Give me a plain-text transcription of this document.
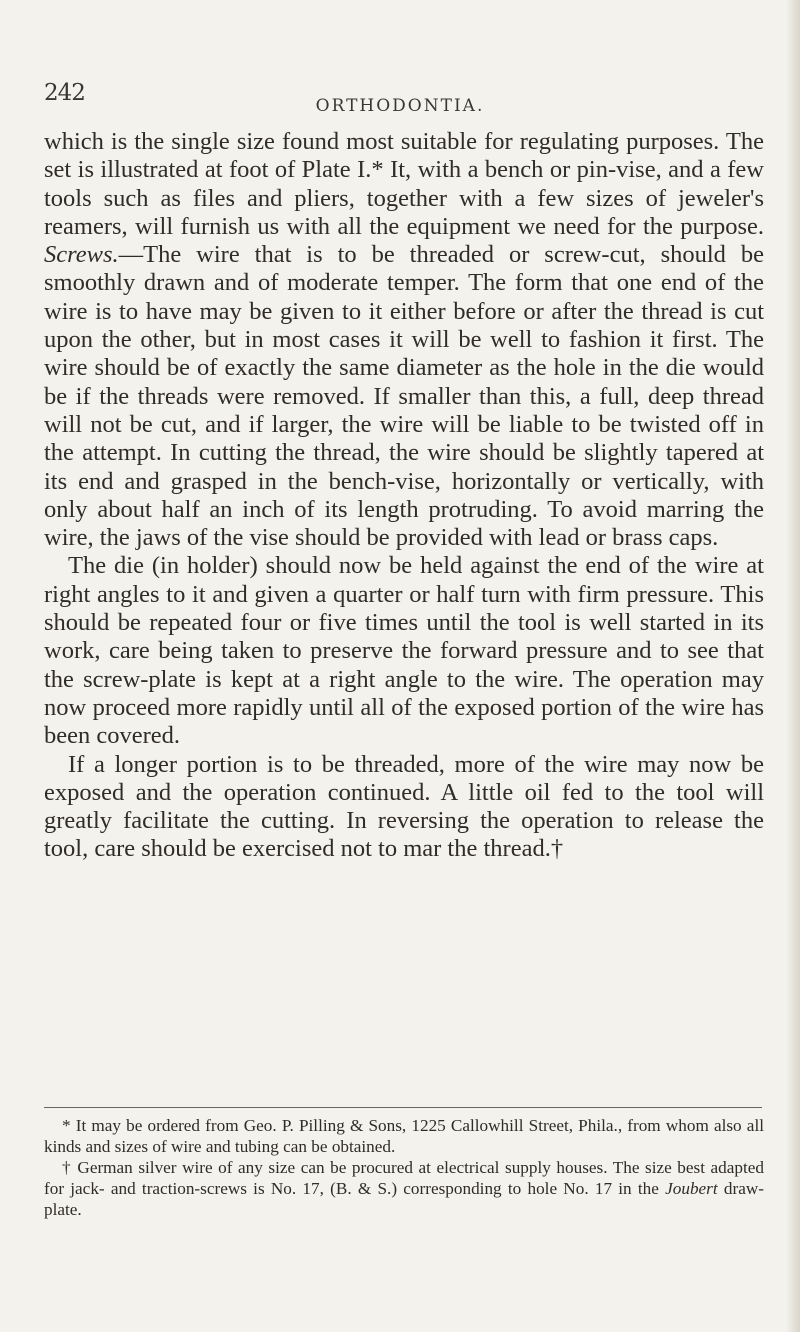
242	ORTHODONTIA.

which is the single size found most suitable for regulating purposes. The set is illustrated at foot of Plate I.* It, with a bench or pin-vise, and a few tools such as files and pliers, together with a few sizes of jeweler's reamers, will furnish us with all the equipment we need for the purpose. Screws.—The wire that is to be threaded or screw-cut, should be smoothly drawn and of moderate temper. The form that one end of the wire is to have may be given to it either before or after the thread is cut upon the other, but in most cases it will be well to fashion it first. The wire should be of exactly the same diameter as the hole in the die would be if the threads were removed. If smaller than this, a full, deep thread will not be cut, and if larger, the wire will be liable to be twisted off in the attempt. In cutting the thread, the wire should be slightly tapered at its end and grasped in the bench-vise, horizontally or vertically, with only about half an inch of its length protruding. To avoid marring the wire, the jaws of the vise should be provided with lead or brass caps.

The die (in holder) should now be held against the end of the wire at right angles to it and given a quarter or half turn with firm pressure. This should be repeated four or five times until the tool is well started in its work, care being taken to preserve the forward pressure and to see that the screw-plate is kept at a right angle to the wire. The operation may now proceed more rapidly until all of the exposed portion of the wire has been covered.

If a longer portion is to be threaded, more of the wire may now be exposed and the operation continued. A little oil fed to the tool will greatly facilitate the cutting. In reversing the operation to release the tool, care should be exercised not to mar the thread.†

* It may be ordered from Geo. P. Pilling & Sons, 1225 Callowhill Street, Phila., from whom also all kinds and sizes of wire and tubing can be obtained.

† German silver wire of any size can be procured at electrical supply houses. The size best adapted for jack- and traction-screws is No. 17, (B. & S.) corresponding to hole No. 17 in the Joubert draw-plate.
